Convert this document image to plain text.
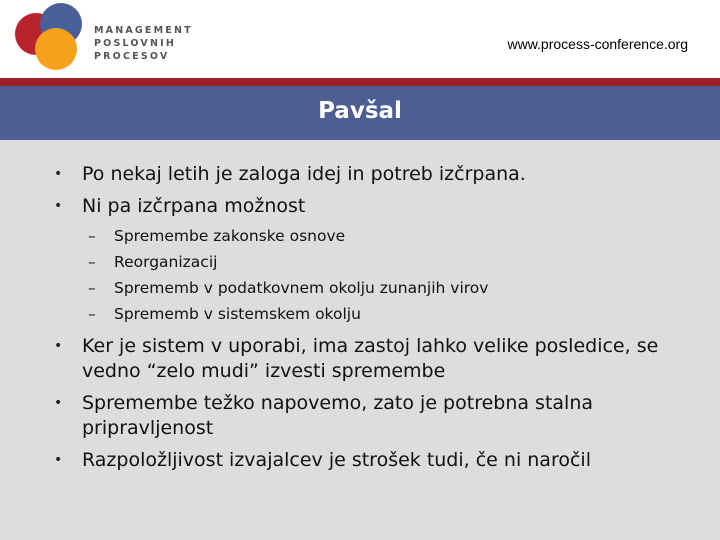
MANAGEMENT
POSLOVNIH
PROCESOV
www.process-conference.org
Pavšal
• Po nekaj letih je zaloga idej in potreb izčrpana.
• Ni pa izčrpana možnost
– Spremembe zakonske osnove
– Reorganizacij
– Sprememb v podatkovnem okolju zunanjih virov
– Sprememb v sistemskem okolju
• Ker je sistem v uporabi, ima zastoj lahko velike posledice, se vedno “zelo mudi” izvesti spremembe
• Spremembe težko napovemo, zato je potrebna stalna pripravljenost
• Razpoložljivost izvajalcev je strošek tudi, če ni naročil
